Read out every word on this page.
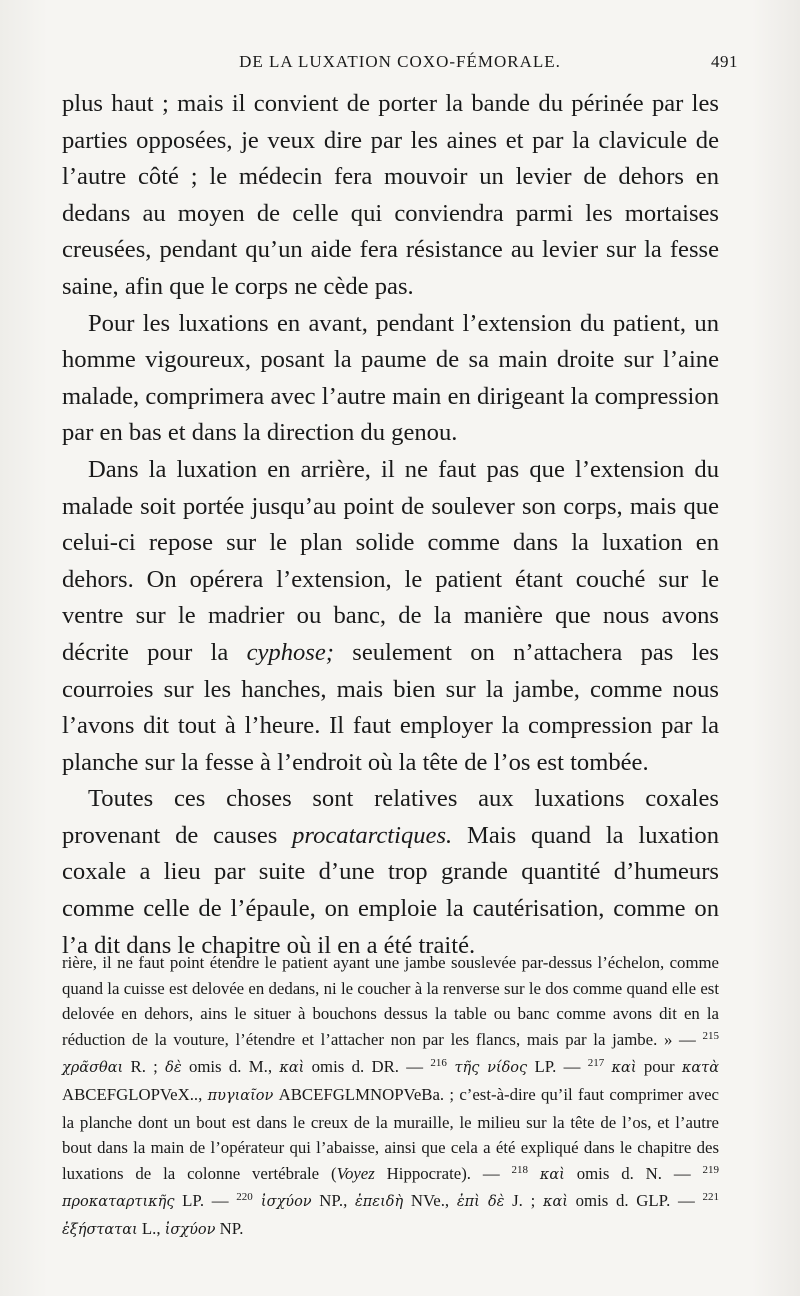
DE LA LUXATION COXO-FÉMORALE.	491

plus haut ; mais il convient de porter la bande du périnée par les parties opposées, je veux dire par les aines et par la clavicule de l’autre côté ; le médecin fera mouvoir un levier de dehors en dedans au moyen de celle qui conviendra parmi les mortaises creusées, pendant qu’un aide fera résistance au levier sur la fesse saine, afin que le corps ne cède pas.

Pour les luxations en avant, pendant l’extension du patient, un homme vigoureux, posant la paume de sa main droite sur l’aine malade, comprimera avec l’autre main en dirigeant la compression par en bas et dans la direction du genou.

Dans la luxation en arrière, il ne faut pas que l’extension du malade soit portée jusqu’au point de soulever son corps, mais que celui-ci repose sur le plan solide comme dans la luxation en dehors. On opérera l’extension, le patient étant couché sur le ventre sur le madrier ou banc, de la manière que nous avons décrite pour la cyphose; seulement on n’attachera pas les courroies sur les hanches, mais bien sur la jambe, comme nous l’avons dit tout à l’heure. Il faut employer la compression par la planche sur la fesse à l’endroit où la tête de l’os est tombée.

Toutes ces choses sont relatives aux luxations coxales provenant de causes procatarctiques. Mais quand la luxation coxale a lieu par suite d’une trop grande quantité d’humeurs comme celle de l’épaule, on emploie la cautérisation, comme on l’a dit dans le chapitre où il en a été traité.

rière, il ne faut point étendre le patient ayant une jambe souslevée par-dessus l’échelon, comme quand la cuisse est delovée en dedans, ni le coucher à la renverse sur le dos comme quand elle est delovée en dehors, ains le situer à bouchons dessus la table ou banc comme avons dit en la réduction de la vouture, l’étendre et l’attacher non par les flancs, mais par la jambe. » — $^{215}$ χρᾶσθαι R. ; δὲ omis d. M., καὶ omis d. DR. — $^{216}$ τῆς νίδος LP. — $^{217}$ καὶ pour κατὰ ABCEFGLOPVeX.., πυγιαῖον ABCEFGLMNOPVeBa. ; c’est-à-dire qu’il faut comprimer avec la planche dont un bout est dans le creux de la muraille, le milieu sur la tête de l’os, et l’autre bout dans la main de l’opérateur qui l’abaisse, ainsi que cela a été expliqué dans le chapitre des luxations de la colonne vertébrale (Voyez Hippocrate). — $^{218}$ καὶ omis d. N. — $^{219}$ προκαταρτικῆς LP. — $^{220}$ ἰσχύον NP., ἐπειδὴ NVe., ἐπὶ δὲ J. ; καὶ omis d. GLP. — $^{221}$ ἐξήσταται L., ἰσχύον NP.
